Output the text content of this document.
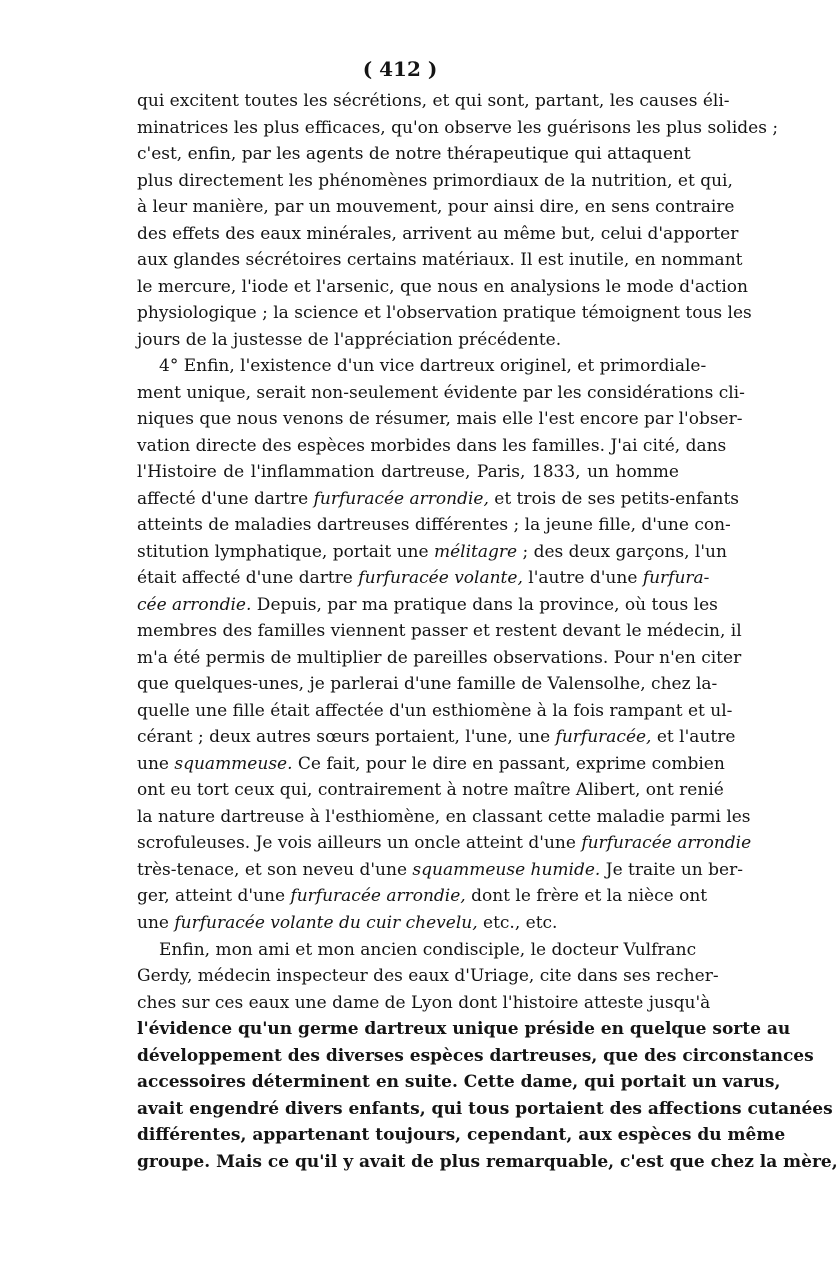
( 412 )
qui excitent toutes les sécrétions, et qui sont, partant, les causes éli-
minatrices les plus efficaces, qu'on observe les guérisons les plus solides ;
c'est, enfin, par les agents de notre thérapeutique qui attaquent
plus directement les phénomènes primordiaux de la nutrition, et qui,
à leur manière, par un mouvement, pour ainsi dire, en sens contraire
des effets des eaux minérales, arrivent au même but, celui d'apporter
aux glandes sécrétoires certains matériaux. Il est inutile, en nommant
le mercure, l'iode et l'arsenic, que nous en analysions le mode d'action
physiologique ; la science et l'observation pratique témoignent tous les
jours de la justesse de l'appréciation précédente.
4° Enfin, l'existence d'un vice dartreux originel, et primordiale-
ment unique, serait non-seulement évidente par les considérations cli-
niques que nous venons de résumer, mais elle l'est encore par l'obser-
vation directe des espèces morbides dans les familles. J'ai cité, dans
l'Histoire de l'inflammation dartreuse, Paris, 1833, un homme
affecté d'une dartre furfuracée arrondie, et trois de ses petits-enfants
atteints de maladies dartreuses différentes ; la jeune fille, d'une con-
stitution lymphatique, portait une mélitagre ; des deux garçons, l'un
était affecté d'une dartre furfuracée volante, l'autre d'une furfura-
cée arrondie. Depuis, par ma pratique dans la province, où tous les
membres des familles viennent passer et restent devant le médecin, il
m'a été permis de multiplier de pareilles observations. Pour n'en citer
que quelques-unes, je parlerai d'une famille de Valensolhe, chez la-
quelle une fille était affectée d'un esthiomène à la fois rampant et ul-
cérant ; deux autres sœurs portaient, l'une, une furfuracée, et l'autre
une squammeuse. Ce fait, pour le dire en passant, exprime combien
ont eu tort ceux qui, contrairement à notre maître Alibert, ont renié
la nature dartreuse à l'esthiomène, en classant cette maladie parmi les
scrofuleuses. Je vois ailleurs un oncle atteint d'une furfuracée arrondie
très-tenace, et son neveu d'une squammeuse humide. Je traite un ber-
ger, atteint d'une furfuracée arrondie, dont le frère et la nièce ont
une furfuracée volante du cuir chevelu, etc., etc.
Enfin, mon ami et mon ancien condisciple, le docteur Vulfranc
Gerdy, médecin inspecteur des eaux d'Uriage, cite dans ses recher-
ches sur ces eaux une dame de Lyon dont l'histoire atteste jusqu'à
l'évidence qu'un germe dartreux unique préside en quelque sorte au
développement des diverses espèces dartreuses, que des circonstances
accessoires déterminent en suite. Cette dame, qui portait un varus,
avait engendré divers enfants, qui tous portaient des affections cutanées
différentes, appartenant toujours, cependant, aux espèces du même
groupe. Mais ce qu'il y avait de plus remarquable, c'est que chez la mère,
